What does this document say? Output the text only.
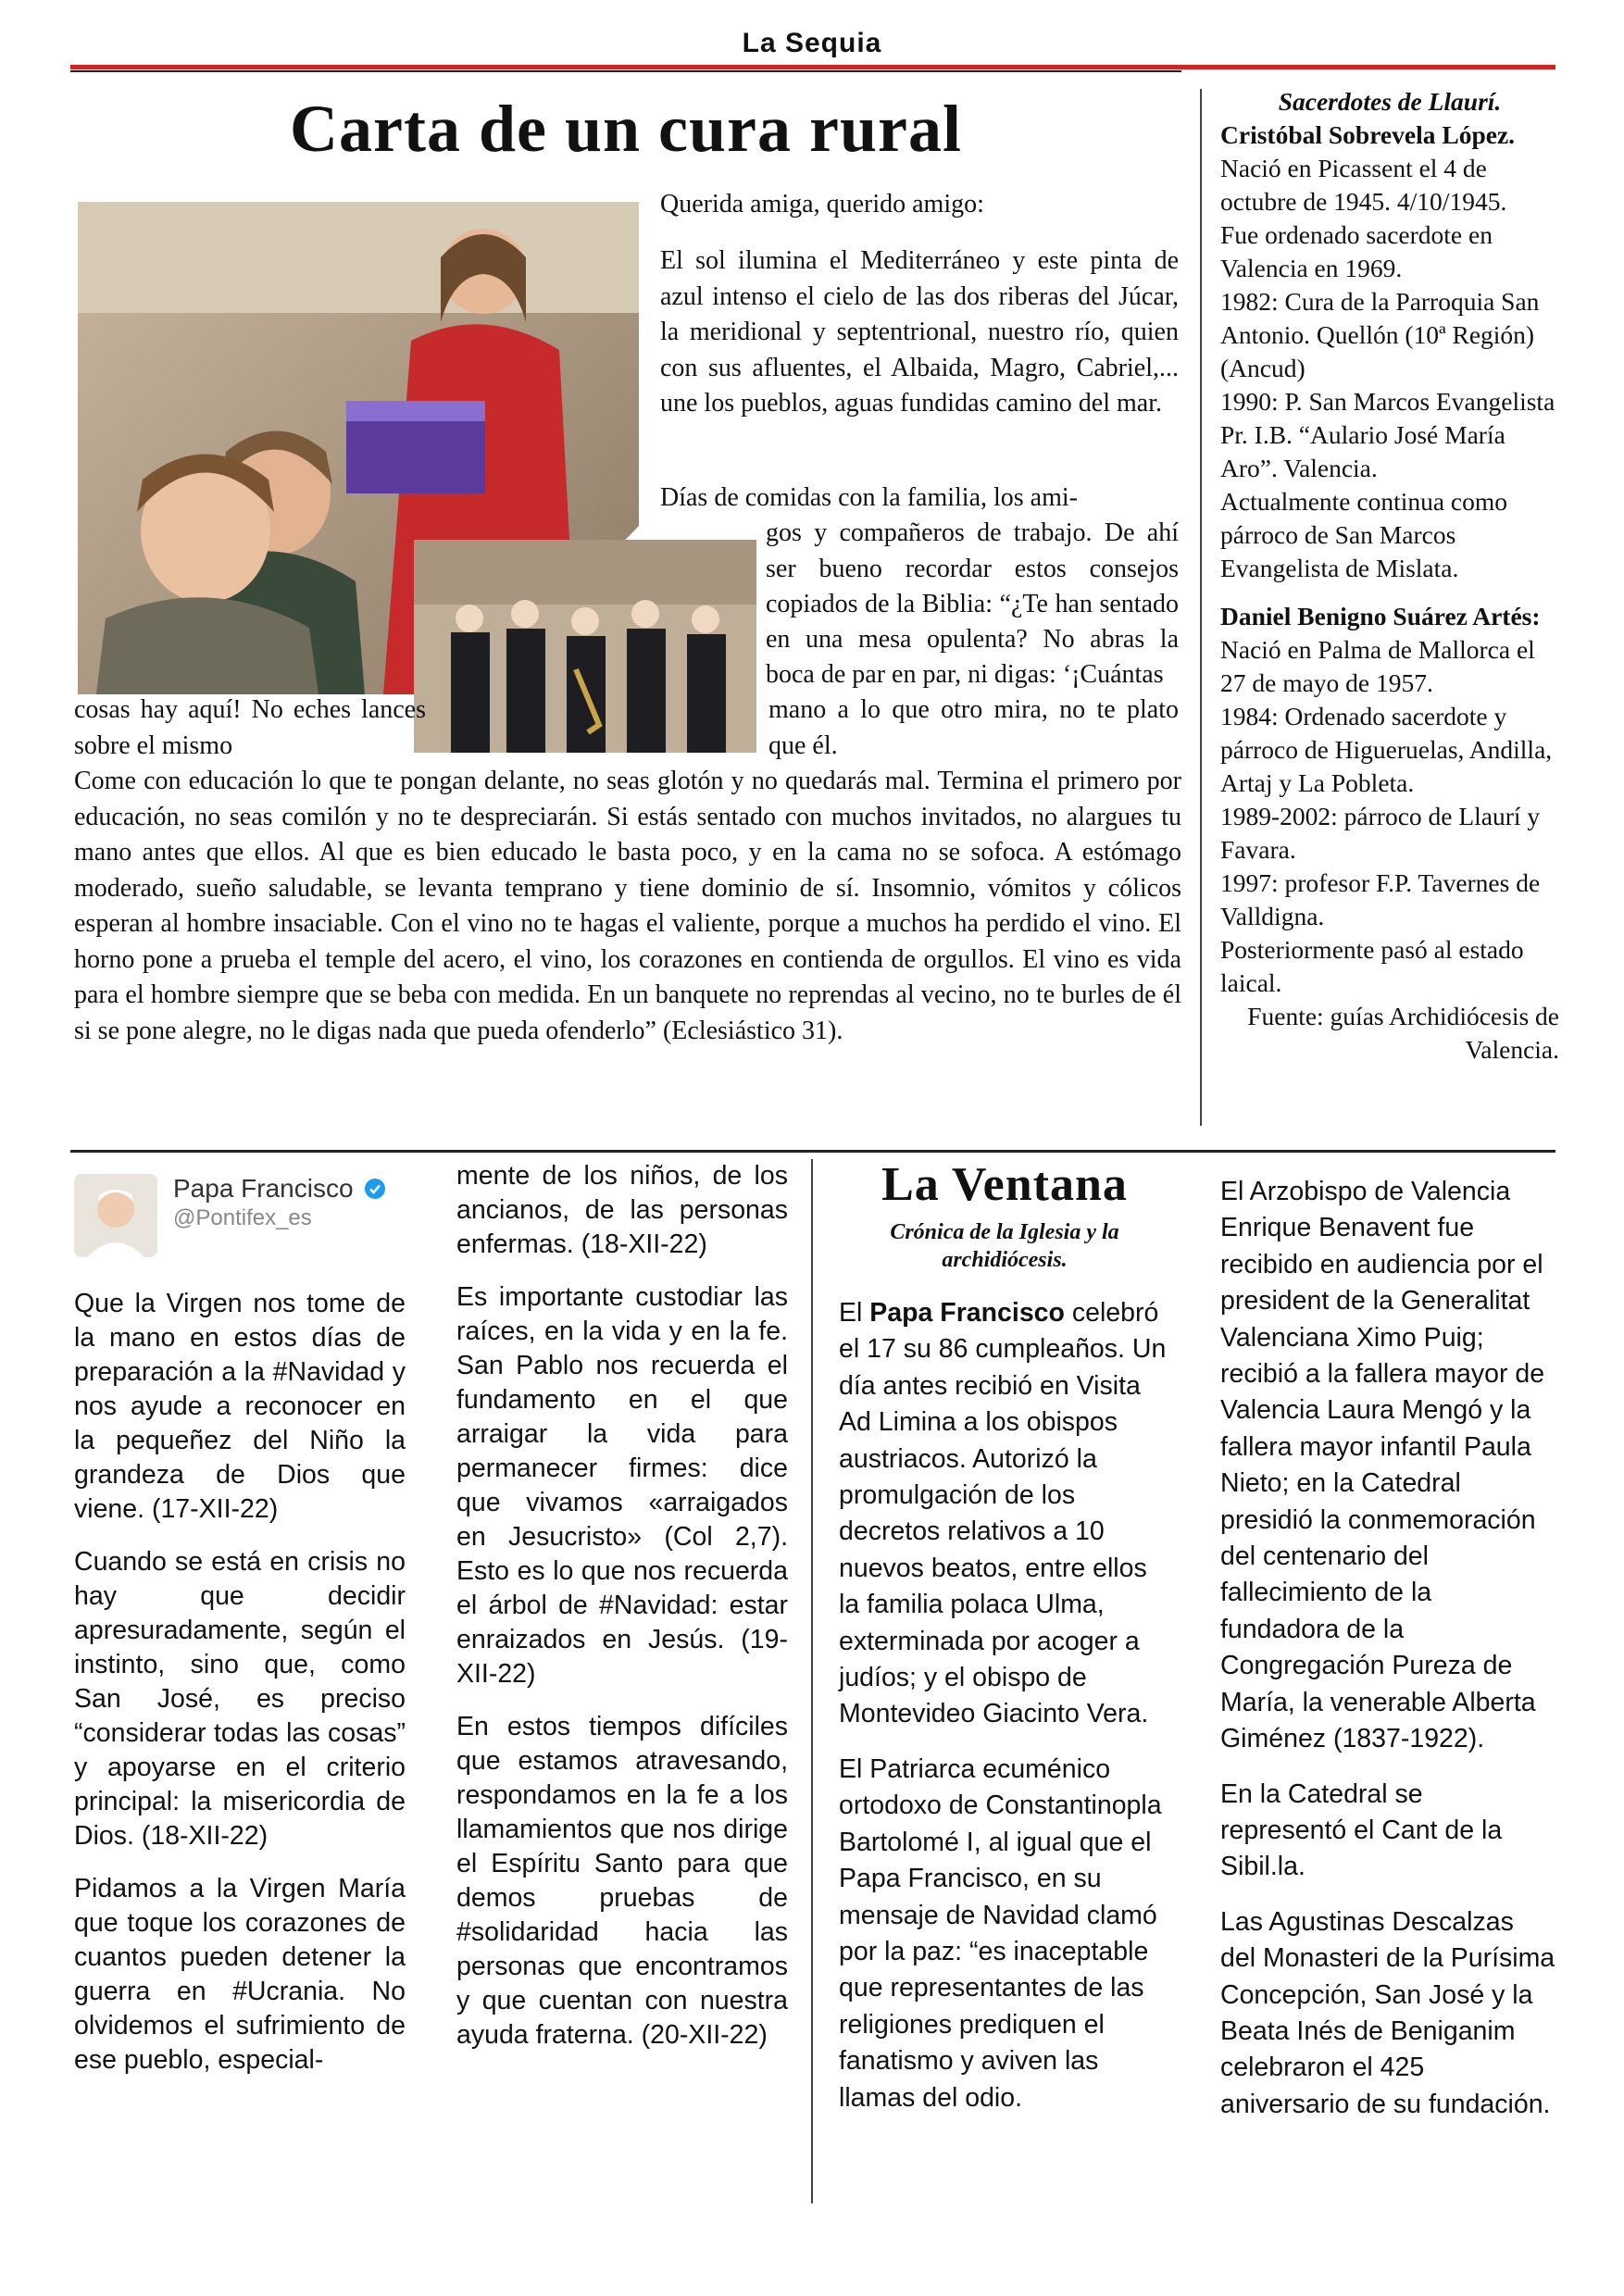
La Sequia
Carta de un cura rural
Querida amiga, querido amigo:
El sol ilumina el Mediterráneo y este pinta de azul intenso el cielo de las dos riberas del Júcar, la meridional y septentrional, nuestro río, quien con sus afluentes, el Albaida, Magro, Cabriel,... une los pueblos, aguas fundidas camino del mar.
Días de comidas con la familia, los ami-
gos y compañeros de trabajo. De ahí ser bueno recordar estos consejos copiados de la Biblia: “¿Te han sentado en una mesa opulenta? No abras la boca de par en par, ni digas: ‘¡Cuántas
cosas hay aquí! No eches lances sobre el mismo
mano a lo que otro mira, no te plato que él.
Come con educación lo que te pongan delante, no seas glotón y no quedarás mal. Termina el primero por educación, no seas comilón y no te despreciarán. Si estás sentado con muchos invitados, no alargues tu mano antes que ellos. Al que es bien educado le basta poco, y en la cama no se sofoca. A estómago moderado, sueño saludable, se levanta temprano y tiene dominio de sí. Insomnio, vómitos y cólicos esperan al hombre insaciable. Con el vino no te hagas el valiente, porque a muchos ha perdido el vino. El horno pone a prueba el temple del acero, el vino, los corazones en contienda de orgullos. El vino es vida para el hombre siempre que se beba con medida. En un banquete no reprendas al vecino, no te burles de él si se pone alegre, no le digas nada que pueda ofenderlo” (Eclesiástico 31).
Sacerdotes de Llaurí.
Cristóbal Sobrevela López.
Nació en Picassent el 4 de octubre de 1945. 4/10/1945.
Fue ordenado sacerdote en Valencia en 1969.
1982: Cura de la Parroquia San Antonio. Quellón (10ª Región) (Ancud)
1990: P. San Marcos Evangelista Pr. I.B. “Aulario José María Aro”. Valencia.
Actualmente continua como párroco de San Marcos Evangelista de Mislata.
Daniel Benigno Suárez Artés:
Nació en Palma de Mallorca el 27 de mayo de 1957.
1984: Ordenado sacerdote y párroco de Higueruelas, Andilla, Artaj y La Pobleta.
1989-2002: párroco de Llaurí y Favara.
1997: profesor F.P. Tavernes de Valldigna.
Posteriormente pasó al estado laical.
Fuente: guías Archidiócesis de Valencia.
Papa Francisco
@Pontifex_es

Que la Virgen nos tome de la mano en estos días de preparación a la #Navidad y nos ayude a reconocer en la pequeñez del Niño la grandeza de Dios que viene. (17-XII-22)

Cuando se está en crisis no hay que decidir apresuradamente, según el instinto, sino que, como San José, es preciso “considerar todas las cosas” y apoyarse en el criterio principal: la misericordia de Dios. (18-XII-22)

Pidamos a la Virgen María que toque los corazones de cuantos pueden detener la guerra en #Ucrania. No olvidemos el sufrimiento de ese pueblo, especial-

mente de los niños, de los ancianos, de las personas enfermas. (18-XII-22)

Es importante custodiar las raíces, en la vida y en la fe. San Pablo nos recuerda el fundamento en el que arraigar la vida para permanecer firmes: dice que vivamos «arraigados en Jesucristo» (Col 2,7). Esto es lo que nos recuerda el árbol de #Navidad: estar enraizados en Jesús. (19-XII-22)

En estos tiempos difíciles que estamos atravesando, respondamos en la fe a los llamamientos que nos dirige el Espíritu Santo para que demos pruebas de #solidaridad hacia las personas que encontramos y que cuentan con nuestra ayuda fraterna. (20-XII-22)

La Ventana
Crónica de la Iglesia y la archidiócesis.

El Papa Francisco celebró el 17 su 86 cumpleaños. Un día antes recibió en Visita Ad Limina a los obispos austriacos. Autorizó la promulgación de los decretos relativos a 10 nuevos beatos, entre ellos la familia polaca Ulma, exterminada por acoger a judíos; y el obispo de Montevideo Giacinto Vera.

El Patriarca ecuménico ortodoxo de Constantinopla Bartolomé I, al igual que el Papa Francisco, en su mensaje de Navidad clamó por la paz: “es inaceptable que representantes de las religiones prediquen el fanatismo y aviven las llamas del odio.

El Arzobispo de Valencia Enrique Benavent fue recibido en audiencia por el president de la Generalitat Valenciana Ximo Puig; recibió a la fallera mayor de Valencia Laura Mengó y la fallera mayor infantil Paula Nieto; en la Catedral presidió la conmemoración del centenario del fallecimiento de la fundadora de la Congregación Pureza de María, la venerable Alberta Giménez (1837-1922).

En la Catedral se representó el Cant de la Sibil.la.

Las Agustinas Descalzas del Monasteri de la Purísima Concepción, San José y la Beata Inés de Beniganim celebraron el 425 aniversario de su fundación.
